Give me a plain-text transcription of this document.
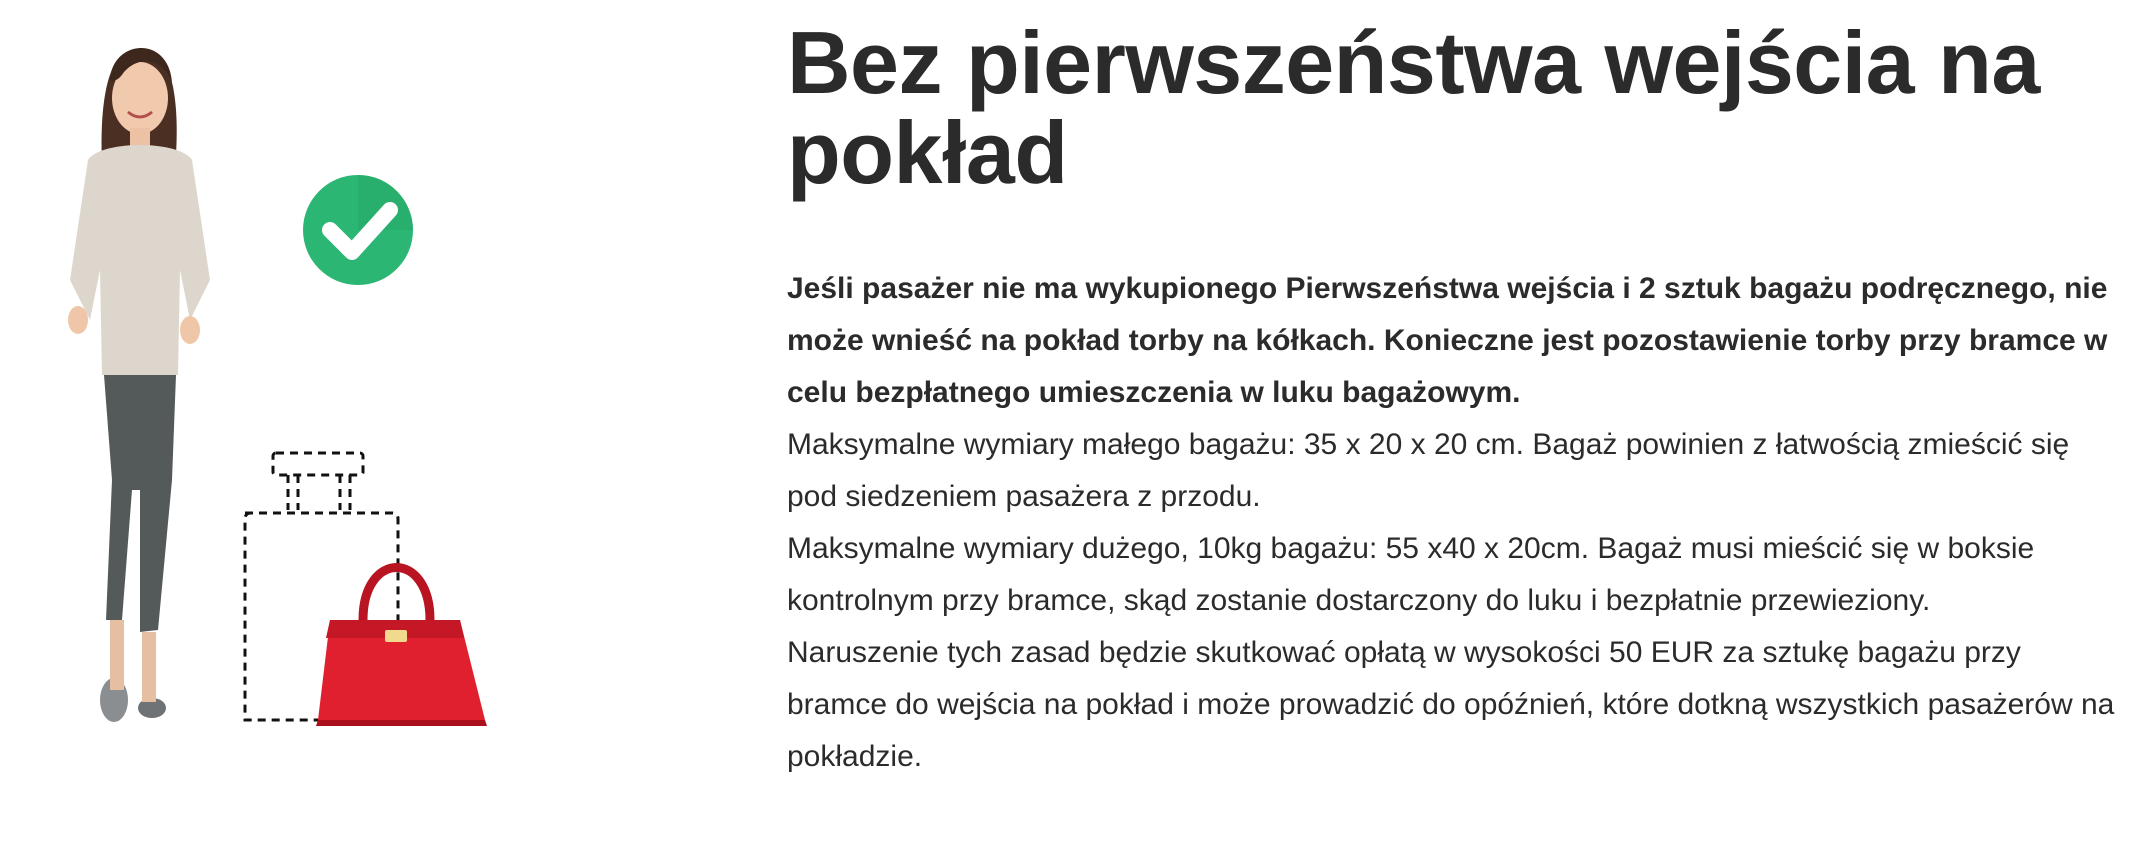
Bez pierwszeństwa wejścia na pokład

Jeśli pasażer nie ma wykupionego Pierwszeństwa wejścia i 2 sztuk bagażu podręcznego, nie może wnieść na pokład torby na kółkach. Konieczne jest pozostawienie torby przy bramce w celu bezpłatnego umieszczenia w luku bagażowym.

Maksymalne wymiary małego bagażu: 35 x 20 x 20 cm. Bagaż powinien z łatwością zmieścić się pod siedzeniem pasażera z przodu.

Maksymalne wymiary dużego, 10kg bagażu: 55 x40 x 20cm. Bagaż musi mieścić się w boksie kontrolnym przy bramce, skąd zostanie dostarczony do luku i bezpłatnie przewieziony.

Naruszenie tych zasad będzie skutkować opłatą w wysokości 50 EUR za sztukę bagażu przy bramce do wejścia na pokład i może prowadzić do opóźnień, które dotkną wszystkich pasażerów na pokładzie.
